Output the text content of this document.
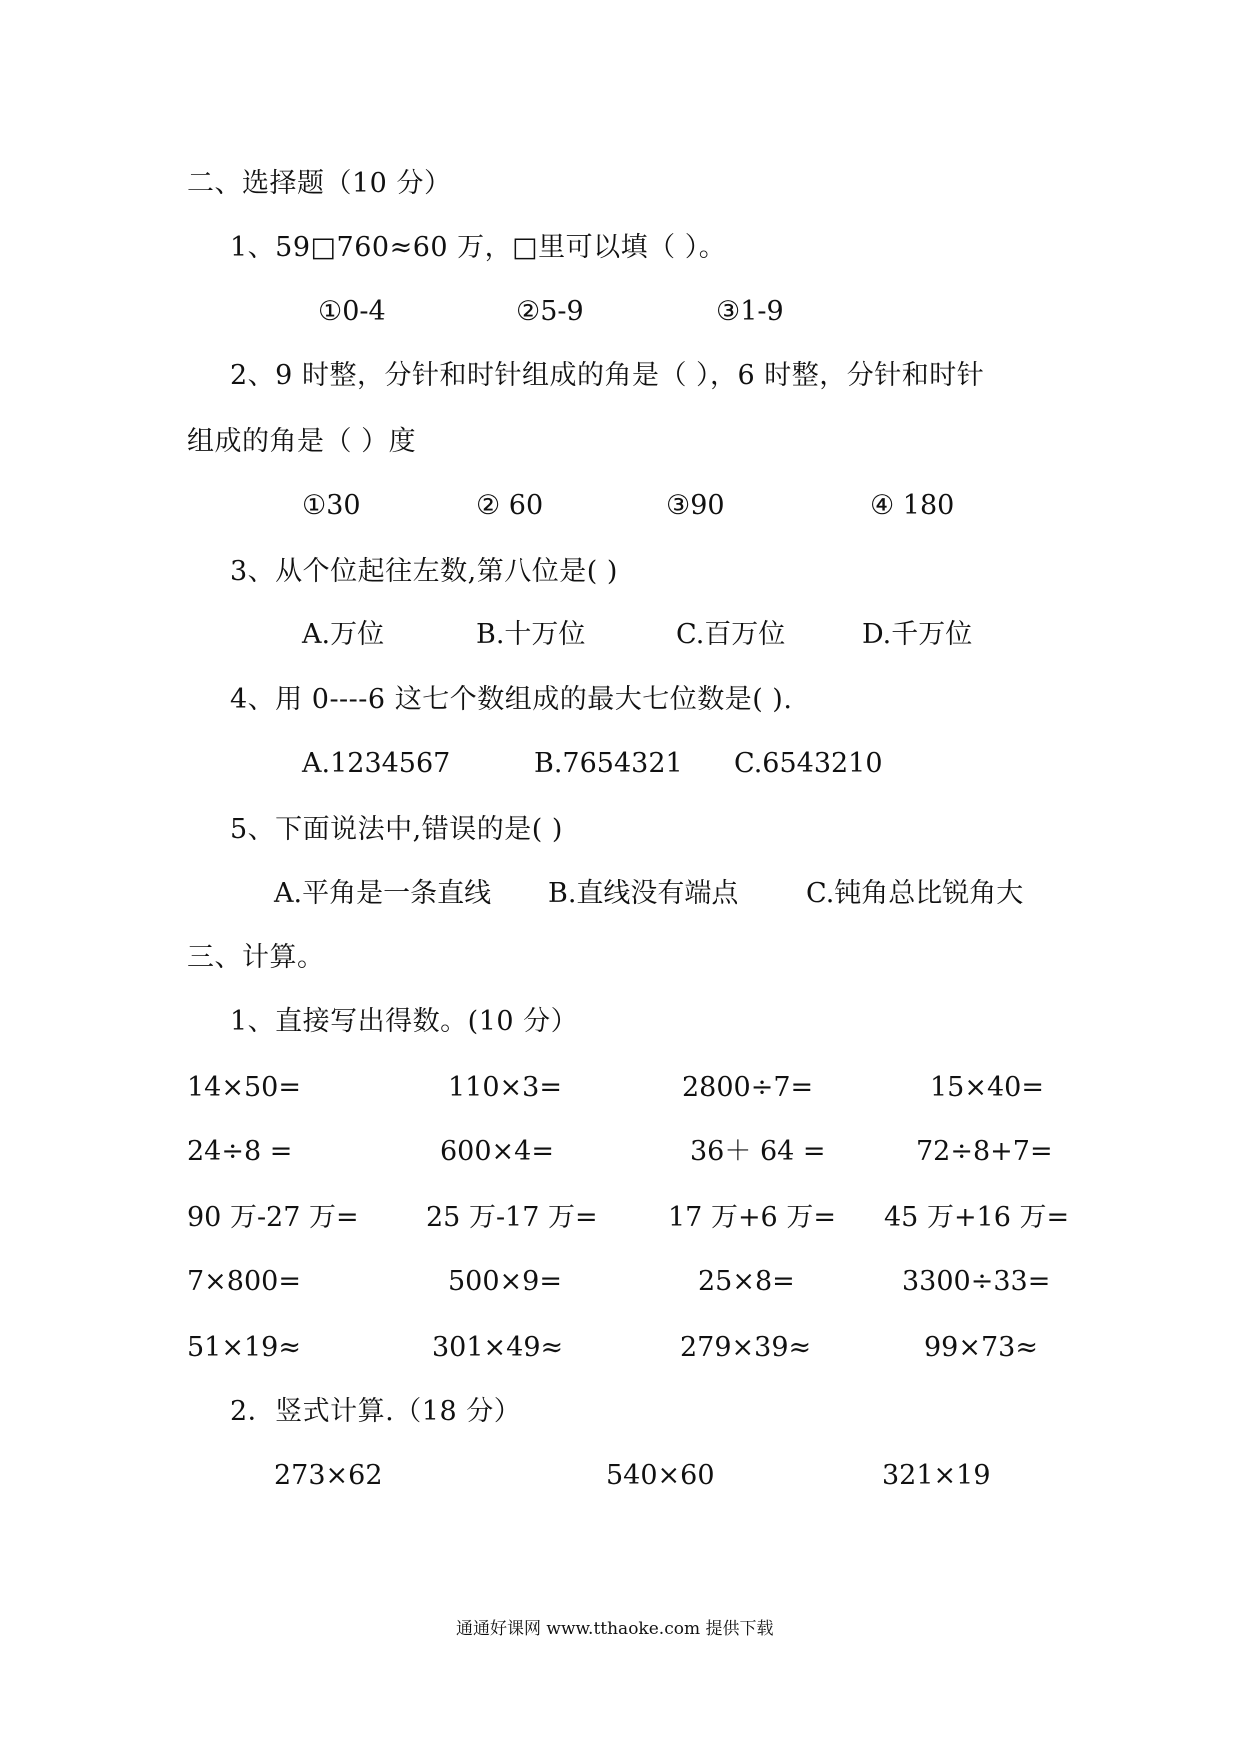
二、选择题（10 分）
1、59□760≈60 万，□里可以填（ ）。
①0-4	②5-9	③1-9
2、9 时整，分针和时针组成的角是（ ），6 时整，分针和时针
组成的角是（ ）度
①30	② 60	③90	④ 180
3、从个位起往左数,第八位是( )
A.万位	B.十万位	C.百万位	D.千万位
4、用 0----6 这七个数组成的最大七位数是( ).
A.1234567	B.7654321 C.6543210
5、下面说法中,错误的是( )
A.平角是一条直线 B.直线没有端点	C.钝角总比锐角大
三、计算。
1、直接写出得数。(10 分）
14×50=	110×3=	2800÷7=	15×40=
24÷8 =	600×4=	36＋ 64 =	72÷8+7=
90 万-27 万= 25 万-17 万=	17 万+6 万= 45 万+16 万=
7×800=	500×9=	25×8=	3300÷33=
51×19≈	301×49≈	279×39≈	99×73≈
2．竖式计算.（18 分）
273×62	540×60	321×19
通通好课网 www.tthaoke.com 提供下载
